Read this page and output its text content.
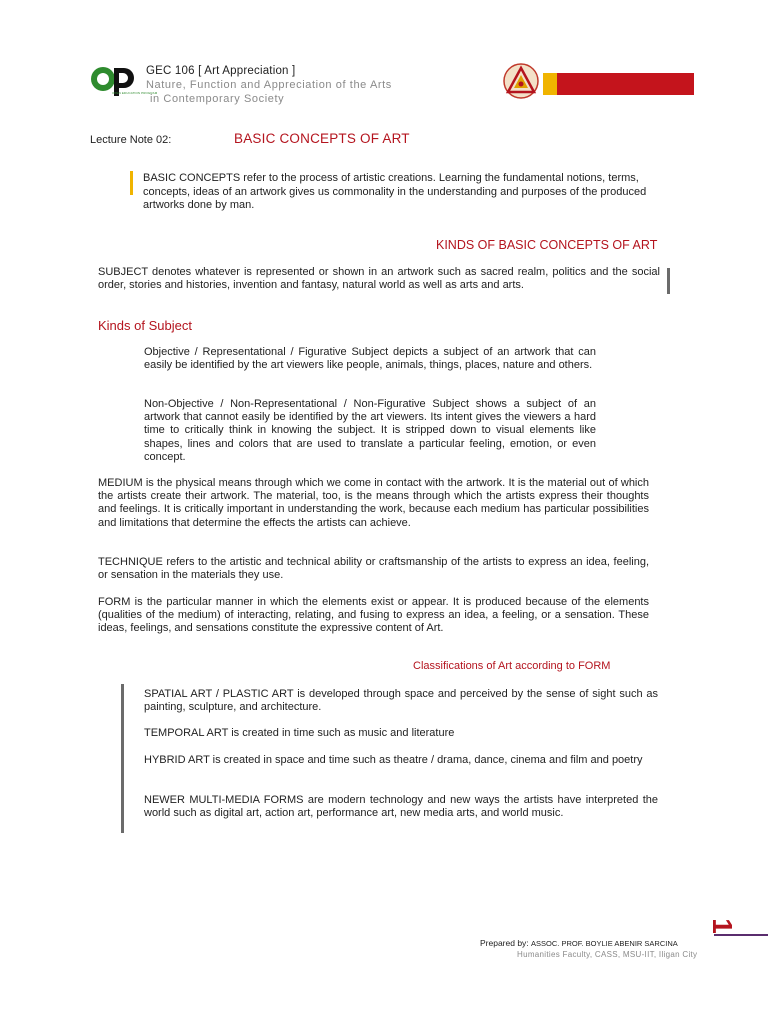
OPEN EDUCATION PROGRAM
GEC 106 [ Art Appreciation ]
Nature, Function and Appreciation of the Arts
in Contemporary Society
Lecture Note 02:	BASIC CONCEPTS OF ART
BASIC CONCEPTS refer to the process of artistic creations. Learning the fundamental notions, terms, concepts, ideas of an artwork gives us commonality in the understanding and purposes of the produced artworks done by man.
KINDS OF BASIC CONCEPTS OF ART
SUBJECT denotes whatever is represented or shown in an artwork such as sacred realm, politics and the social order, stories and histories, invention and fantasy, natural world as well as arts and arts.
Kinds of Subject
Objective / Representational / Figurative Subject depicts a subject of an artwork that can easily be identified by the art viewers like people, animals, things, places, nature and others.
Non-Objective / Non-Representational / Non-Figurative Subject shows a subject of an artwork that cannot easily be identified by the art viewers. Its intent gives the viewers a hard time to critically think in knowing the subject. It is stripped down to visual elements like shapes, lines and colors that are used to translate a particular feeling, emotion, or even concept.
MEDIUM is the physical means through which we come in contact with the artwork. It is the material out of which the artists create their artwork. The material, too, is the means through which the artists express their thoughts and feelings. It is critically important in understanding the work, because each medium has particular possibilities and limitations that determine the effects the artists can achieve.
TECHNIQUE refers to the artistic and technical ability or craftsmanship of the artists to express an idea, feeling, or sensation in the materials they use.
FORM is the particular manner in which the elements exist or appear. It is produced because of the elements (qualities of the medium) of interacting, relating, and fusing to express an idea, a feeling, or a sensation. These ideas, feelings, and sensations constitute the expressive content of Art.
Classifications of Art according to FORM
SPATIAL ART / PLASTIC ART is developed through space and perceived by the sense of sight such as painting, sculpture, and architecture.
TEMPORAL ART is created in time such as music and literature
HYBRID ART is created in space and time such as theatre / drama, dance, cinema and film and poetry
NEWER MULTI-MEDIA FORMS are modern technology and new ways the artists have interpreted the world such as digital art, action art, performance art, new media arts, and world music.
1
Prepared by: ASSOC. PROF. BOYLIE ABENIR SARCINA
Humanities Faculty, CASS, MSU-IIT, Iligan City
